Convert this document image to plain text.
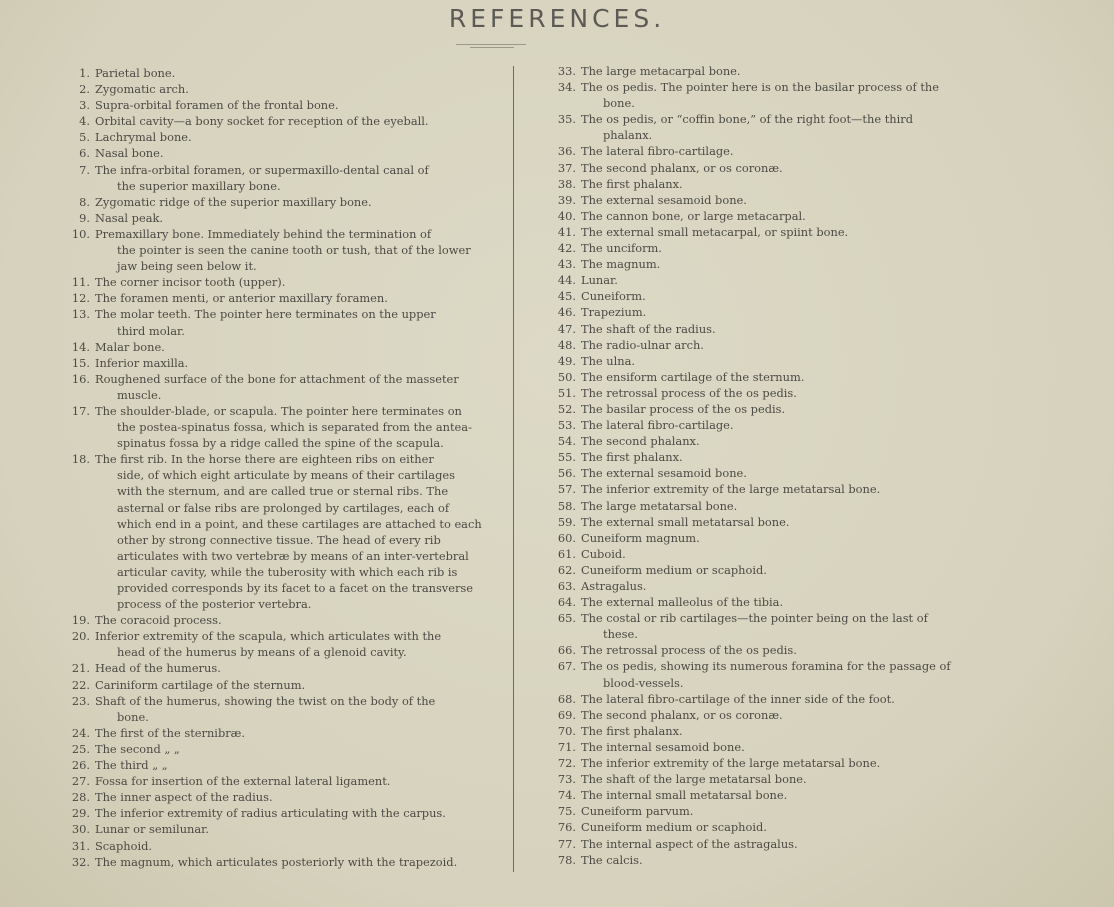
REFERENCES.
1. Parietal bone.
2. Zygomatic arch.
3. Supra-orbital foramen of the frontal bone.
4. Orbital cavity—a bony socket for reception of the eyeball.
5. Lachrymal bone.
6. Nasal bone.
7. The infra-orbital foramen, or supermaxillo-dental canal of
the superior maxillary bone.
8. Zygomatic ridge of the superior maxillary bone.
9. Nasal peak.
10. Premaxillary bone. Immediately behind the termination of
the pointer is seen the canine tooth or tush, that of the lower jaw being seen below it.
11. The corner incisor tooth (upper).
12. The foramen menti, or anterior maxillary foramen.
13. The molar teeth. The pointer here terminates on the upper
third molar.
14. Malar bone.
15. Inferior maxilla.
16. Roughened surface of the bone for attachment of the masseter
muscle.
17. The shoulder-blade, or scapula. The pointer here terminates on
the postea-spinatus fossa, which is separated from the antea-spinatus fossa by a ridge called the spine of the scapula.
18. The first rib. In the horse there are eighteen ribs on either
side, of which eight articulate by means of their cartilages with the sternum, and are called true or sternal ribs. The asternal or false ribs are prolonged by cartilages, each of which end in a point, and these cartilages are attached to each other by strong connective tissue. The head of every rib articulates with two vertebræ by means of an inter-vertebral articular cavity, while the tuberosity with which each rib is provided corresponds by its facet to a facet on the transverse process of the posterior vertebra.
19. The coracoid process.
20. Inferior extremity of the scapula, which articulates with the
head of the humerus by means of a glenoid cavity.
21. Head of the humerus.
22. Cariniform cartilage of the sternum.
23. Shaft of the humerus, showing the twist on the body of the
bone.
24. The first of the sternibræ.
25. The second „ „
26. The third „ „
27. Fossa for insertion of the external lateral ligament.
28. The inner aspect of the radius.
29. The inferior extremity of radius articulating with the carpus.
30. Lunar or semilunar.
31. Scaphoid.
32. The magnum, which articulates posteriorly with the trapezoid.
33. The large metacarpal bone.
34. The os pedis. The pointer here is on the basilar process of the
bone.
35. The os pedis, or “coffin bone,” of the right foot—the third
phalanx.
36. The lateral fibro-cartilage.
37. The second phalanx, or os coronæ.
38. The first phalanx.
39. The external sesamoid bone.
40. The cannon bone, or large metacarpal.
41. The external small metacarpal, or spiint bone.
42. The unciform.
43. The magnum.
44. Lunar.
45. Cuneiform.
46. Trapezium.
47. The shaft of the radius.
48. The radio-ulnar arch.
49. The ulna.
50. The ensiform cartilage of the sternum.
51. The retrossal process of the os pedis.
52. The basilar process of the os pedis.
53. The lateral fibro-cartilage.
54. The second phalanx.
55. The first phalanx.
56. The external sesamoid bone.
57. The inferior extremity of the large metatarsal bone.
58. The large metatarsal bone.
59. The external small metatarsal bone.
60. Cuneiform magnum.
61. Cuboid.
62. Cuneiform medium or scaphoid.
63. Astragalus.
64. The external malleolus of the tibia.
65. The costal or rib cartilages—the pointer being on the last of
these.
66. The retrossal process of the os pedis.
67. The os pedis, showing its numerous foramina for the passage of
blood-vessels.
68. The lateral fibro-cartilage of the inner side of the foot.
69. The second phalanx, or os coronæ.
70. The first phalanx.
71. The internal sesamoid bone.
72. The inferior extremity of the large metatarsal bone.
73. The shaft of the large metatarsal bone.
74. The internal small metatarsal bone.
75. Cuneiform parvum.
76. Cuneiform medium or scaphoid.
77. The internal aspect of the astragalus.
78. The calcis.
